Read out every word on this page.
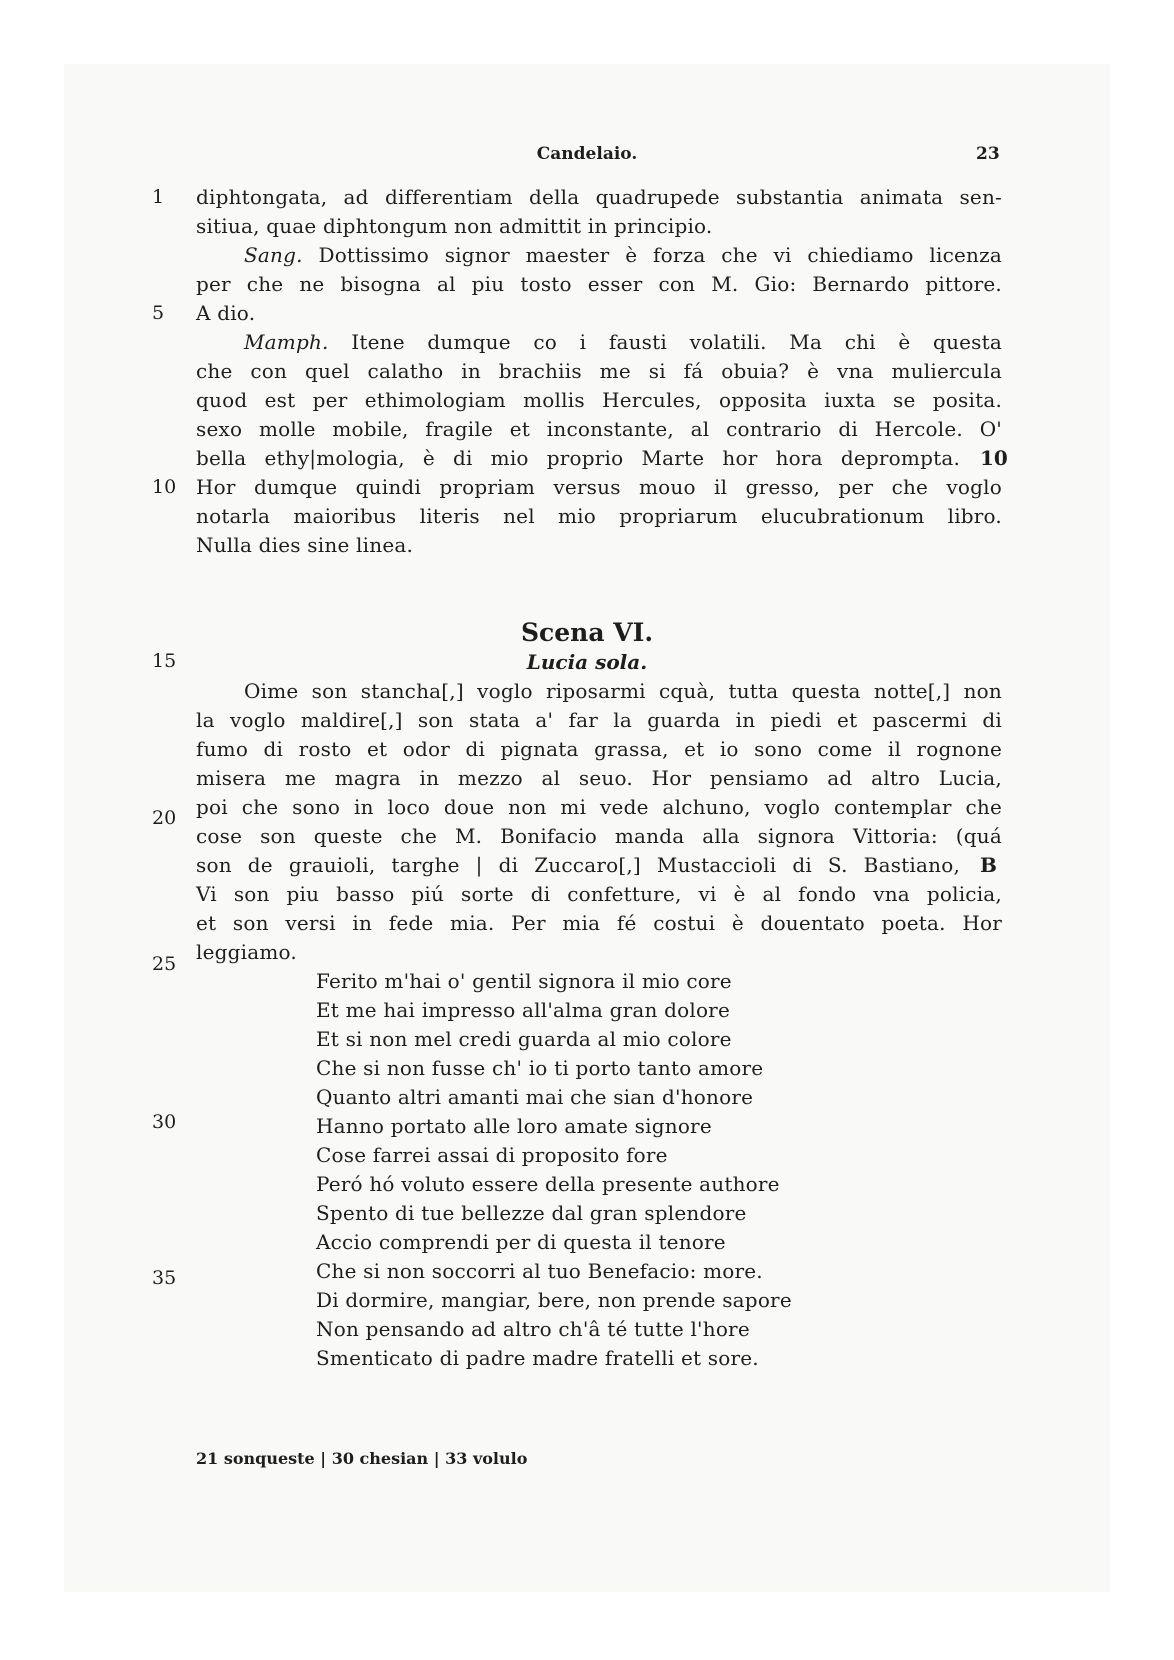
Candelaio.	23
1
5
10
15
20
25
30
35
diphtongata, ad differentiam della quadrupede substantia animata sen-
sitiua, quae diphtongum non admittit in principio.
Sang. Dottissimo signor maester è forza che vi chiediamo licenza
per che ne bisogna al piu tosto esser con M. Gio: Bernardo pittore.
A dio.
Mamph. Itene dumque co i fausti volatili. Ma chi è questa
che con quel calatho in brachiis me si fá obuia? è vna muliercula
quod est per ethimologiam mollis Hercules, opposita iuxta se posita.
sexo molle mobile, fragile et inconstante, al contrario di Hercole. O'
bella ethy|mologia, è di mio proprio Marte hor hora deprompta. 10
Hor dumque quindi propriam versus mouo il gresso, per che voglo
notarla maioribus literis nel mio propriarum elucubrationum libro.
Nulla dies sine linea.
Scena VI.
Lucia sola.
Oime son stancha[,] voglo riposarmi cquà, tutta questa notte[,] non
la voglo maldire[,] son stata a' far la guarda in piedi et pascermi di
fumo di rosto et odor di pignata grassa, et io sono come il rognone
misera me magra in mezzo al seuo. Hor pensiamo ad altro Lucia,
poi che sono in loco doue non mi vede alchuno, voglo contemplar che
cose son queste che M. Bonifacio manda alla signora Vittoria: (quá
son de grauioli, targhe | di Zuccaro[,] Mustaccioli di S. Bastiano, B
Vi son piu basso piú sorte di confetture, vi è al fondo vna policia,
et son versi in fede mia. Per mia fé costui è douentato poeta. Hor
leggiamo.
Ferito m'hai o' gentil signora il mio core
Et me hai impresso all'alma gran dolore
Et si non mel credi guarda al mio colore
Che si non fusse ch' io ti porto tanto amore
Quanto altri amanti mai che sian d'honore
Hanno portato alle loro amate signore
Cose farrei assai di proposito fore
Peró hó voluto essere della presente authore
Spento di tue bellezze dal gran splendore
Accio comprendi per di questa il tenore
Che si non soccorri al tuo Benefacio: more.
Di dormire, mangiar, bere, non prende sapore
Non pensando ad altro ch'â té tutte l'hore
Smenticato di padre madre fratelli et sore.
21 sonqueste | 30 chesian | 33 volulo
